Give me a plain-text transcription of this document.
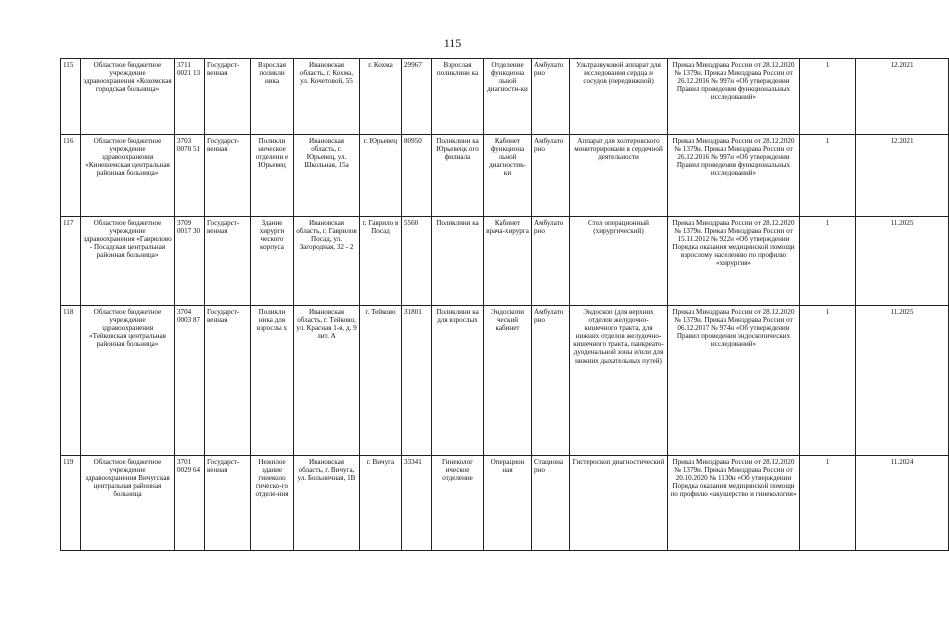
115
115	Областное бюджетное учреждение здравоохранения «Кохомская городская больница»	3711 0021 13	Государст-венная	Взрослая поликли ника	Ивановская область, г. Кохма, ул. Кочетовой, 55	г. Кохма	29967	Взрослая поликлини ка	Отделение функциона льной диагности-ки	Амбулато рно	Ультразвуковой аппарат для исследования сердца и сосудов (передвижной)	Приказ Минздрава России от 28.12.2020 № 1379н. Приказ Минздрава России от 26.12.2016 № 997н «Об утверждении Правил проведения функциональных исследований»	1	12.2021
116	Областное бюджетное учреждение здравоохранения «Кинешемская центральная районная больница»	3703 0070 51	Государст-венная	Поликли ническое отделени е Юрьевец	Ивановская область, г. Юрьевец, ул. Школьная, 15а	г. Юрьевец	80950	Поликлини ка Юрьевецк ого филиала	Кабинет функциона льной диагностик-ки	Амбулато рно	Аппарат для холтеровского мониторировани я сердечной деятельности	Приказ Минздрава России от 28.12.2020 № 1379н. Приказ Минздрава России от 26.12.2016 № 997н «Об утверждении Правил проведения функциональных исследований»	1	12.2021
117	Областное бюджетное учреждение здравоохранения «Гаврилово - Посадская центральная районная больница»	3709 0017 30	Государст-венная	Здание хирурги ческого корпуса	Ивановская область, г. Гаврилов Посад, ул. Загородная, 32 - 2	г. Гаврило в Посад	5560	Поликлини ка	Кабинет врача-хирурга	Амбулато рно	Стол операционный (хирургический)	Приказ Минздрава России от 28.12.2020 № 1379н. Приказ Минздрава России от 15.11.2012 № 922н «Об утверждении Порядка оказания медицинской помощи взрослому населению по профилю «хирургия»	1	11.2025
118	Областное бюджетное учреждение здравоохранения «Тейковская центральная районная больница»	3704 0003 87	Государст-венная	Поликли ника для взрослы х	Ивановская область, г. Тейково, ул. Красная 1-я, д. 9 лит. А	г. Тейково	31801	Поликлини ка для взрослых	Эндоскопи ческий кабинет	Амбулато рно	Эндоскоп (для верхних отделов желудочно-кишечного тракта, для нижних отделов желудочно-кишечного тракта, панкреато-дуоденальной зоны и/или для нижних дыхательных путей)	Приказ Минздрава России от 28.12.2020 № 1379н. Приказ Минздрава России от 06.12.2017 № 974н «Об утверждении Правил проведения эндоскопических исследований»	1	11.2025
119	Областное бюджетное учреждение здравоохранения Вичугская центральная районная больница	3701 0029 64	Государст-венная	Нежилое здание гинеколо гическо-го отделе-ния	Ивановская область, г. Вичуга, ул. Больничная, 1В	г. Вичуга	33341	Гинеколог ическое отделение	Операцион ная	Стациона рно	Гистероскоп диагностический	Приказ Минздрава России от 28.12.2020 № 1379н. Приказ Минздрава России от 20.10.2020 № 1130н «Об утверждении Порядка оказания медицинской помощи по профилю «акушерство и гинекология»	1	11.2024
